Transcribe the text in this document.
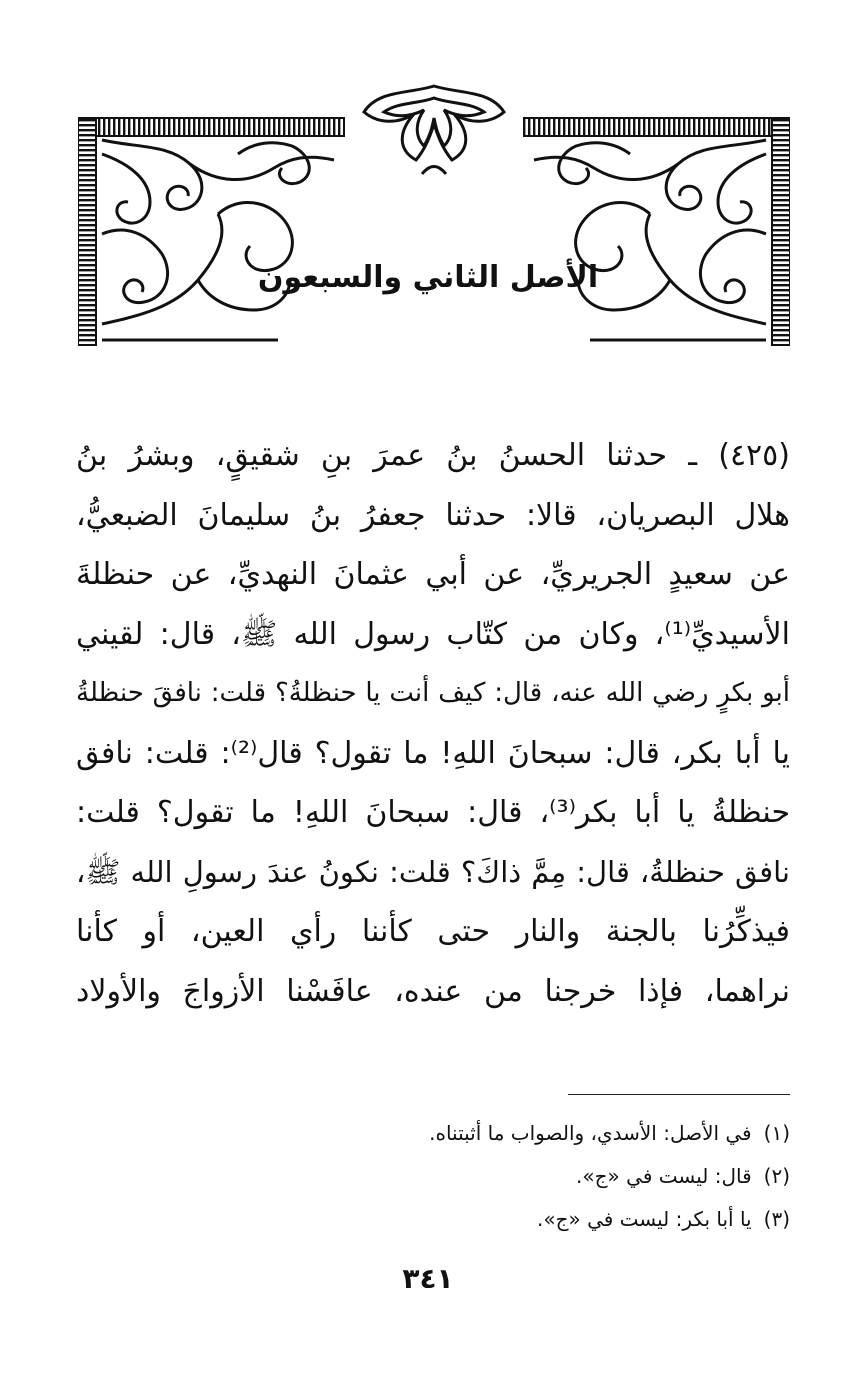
الأصل الثاني والسبعون
(٤٢٥) ـ حدثنا الحسنُ بنُ عمرَ بنِ شقيقٍ، وبشرُ بنُ
هلال البصريان، قالا: حدثنا جعفرُ بنُ سليمانَ الضبعيُّ،
عن سعيدٍ الجريريِّ، عن أبي عثمانَ النهديِّ، عن حنظلةَ
الأسيديِّ⁽¹⁾، وكان من كتّاب رسول الله ﷺ، قال: لقيني
أبو بكرٍ رضي الله عنه، قال: كيف أنت يا حنظلةُ؟ قلت: نافقَ حنظلةُ
يا أبا بكر، قال: سبحانَ اللهِ! ما تقول؟ قال⁽²⁾: قلت: نافق
حنظلةُ يا أبا بكر⁽³⁾، قال: سبحانَ اللهِ! ما تقول؟ قلت:
نافق حنظلةُ، قال: مِمَّ ذاكَ؟ قلت: نكونُ عندَ رسولِ الله ﷺ،
فيذكِّرُنا بالجنة والنار حتى كأننا رأي العين، أو كأنا
نراهما، فإذا خرجنا من عنده، عافَسْنا الأزواجَ والأولاد
(١)في الأصل: الأسدي، والصواب ما أثبتناه.
(٢)قال: ليست في «ج».
(٣)يا أبا بكر: ليست في «ج».
٣٤١
